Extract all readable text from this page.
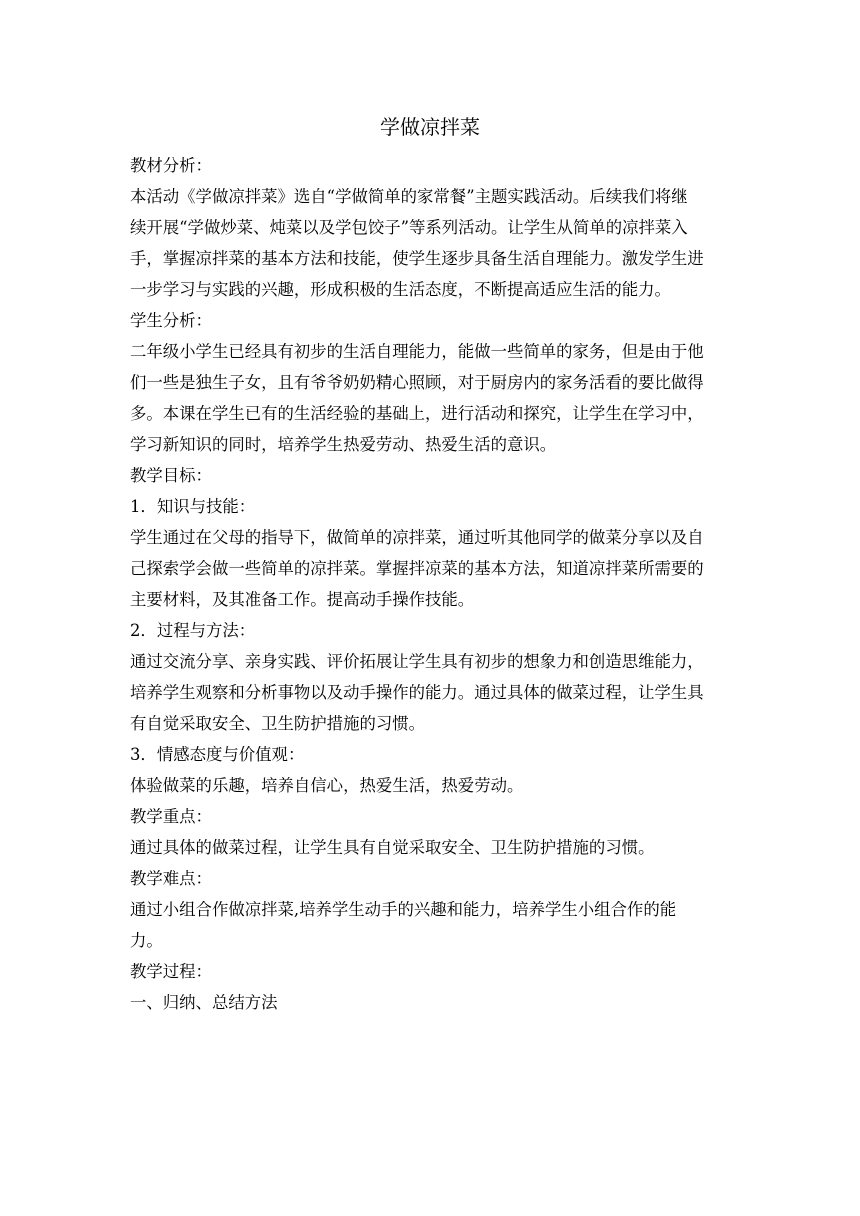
学做凉拌菜
教材分析：
本活动《学做凉拌菜》选自“学做简单的家常餐”主题实践活动。后续我们将继
续开展“学做炒菜、炖菜以及学包饺子”等系列活动。让学生从简单的凉拌菜入
手，掌握凉拌菜的基本方法和技能，使学生逐步具备生活自理能力。激发学生进
一步学习与实践的兴趣，形成积极的生活态度，不断提高适应生活的能力。
学生分析：
二年级小学生已经具有初步的生活自理能力，能做一些简单的家务，但是由于他
们一些是独生子女，且有爷爷奶奶精心照顾，对于厨房内的家务活看的要比做得
多。本课在学生已有的生活经验的基础上，进行活动和探究，让学生在学习中，
学习新知识的同时，培养学生热爱劳动、热爱生活的意识。
教学目标：
1．知识与技能：
学生通过在父母的指导下，做简单的凉拌菜，通过听其他同学的做菜分享以及自
己探索学会做一些简单的凉拌菜。掌握拌凉菜的基本方法，知道凉拌菜所需要的
主要材料，及其准备工作。提高动手操作技能。
2．过程与方法：
通过交流分享、亲身实践、评价拓展让学生具有初步的想象力和创造思维能力，
培养学生观察和分析事物以及动手操作的能力。通过具体的做菜过程，让学生具
有自觉采取安全、卫生防护措施的习惯。
3．情感态度与价值观：
体验做菜的乐趣，培养自信心，热爱生活，热爱劳动。
教学重点：
通过具体的做菜过程，让学生具有自觉采取安全、卫生防护措施的习惯。
教学难点：
通过小组合作做凉拌菜,培养学生动手的兴趣和能力，培养学生小组合作的能
力。
教学过程：
一、归纳、总结方法
